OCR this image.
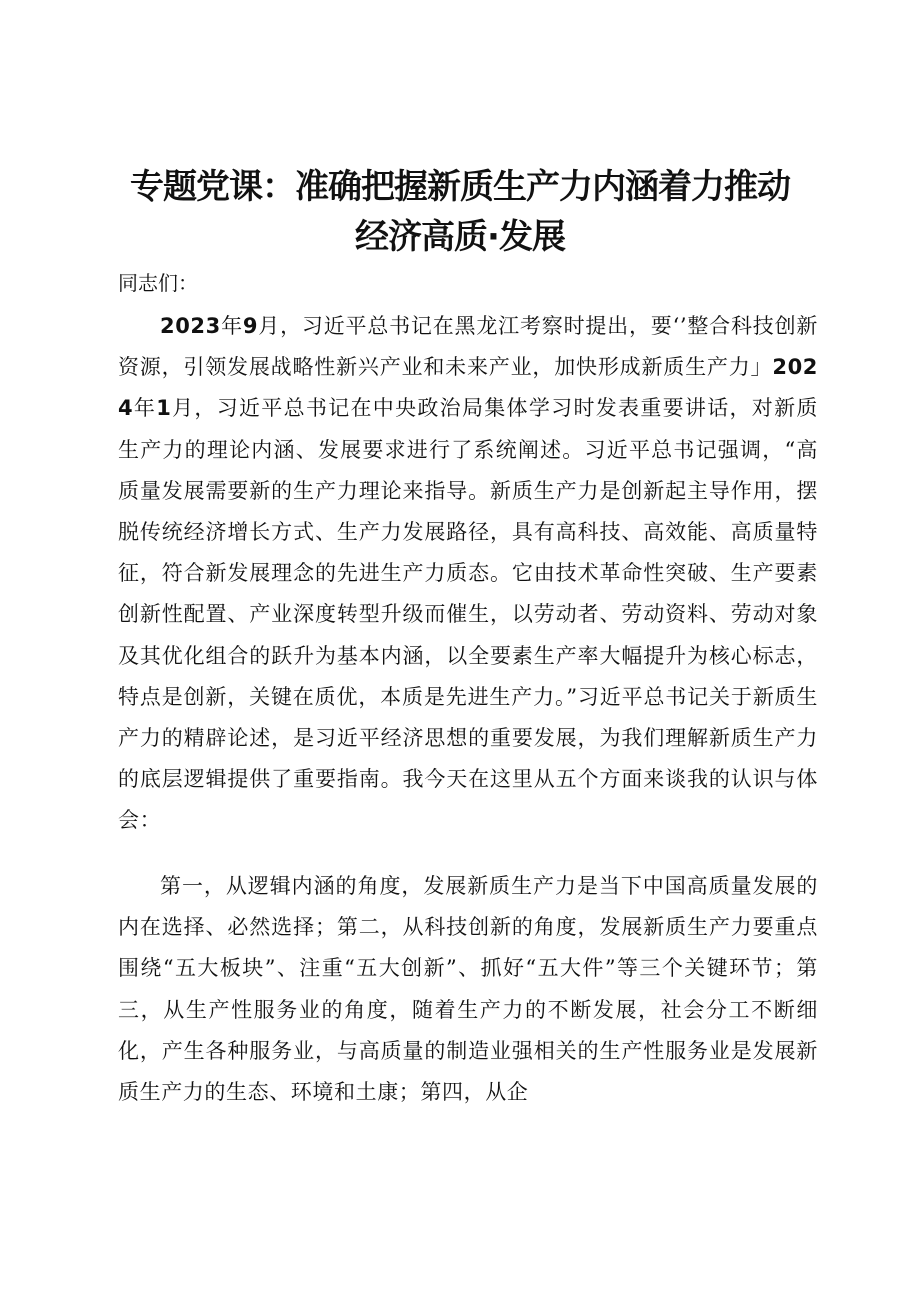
专题党课：准确把握新质生产力内涵着力推动
经济高质·发展

同志们：

2023年9月，习近平总书记在黑龙江考察时提出，要‘’整合科技创新资源，引领发展战略性新兴产业和未来产业，加快形成新质生产力」2024年1月，习近平总书记在中央政治局集体学习时发表重要讲话，对新质生产力的理论内涵、发展要求进行了系统阐述。习近平总书记强调，“高质量发展需要新的生产力理论来指导。新质生产力是创新起主导作用，摆脱传统经济增长方式、生产力发展路径，具有高科技、高效能、高质量特征，符合新发展理念的先进生产力质态。它由技术革命性突破、生产要素创新性配置、产业深度转型升级而催生，以劳动者、劳动资料、劳动对象及其优化组合的跃升为基本内涵，以全要素生产率大幅提升为核心标志，特点是创新，关键在质优，本质是先进生产力。”习近平总书记关于新质生产力的精辟论述，是习近平经济思想的重要发展，为我们理解新质生产力的底层逻辑提供了重要指南。我今天在这里从五个方面来谈我的认识与体会：

第一，从逻辑内涵的角度，发展新质生产力是当下中国高质量发展的内在选择、必然选择；第二，从科技创新的角度，发展新质生产力要重点围绕“五大板块”、注重“五大创新”、抓好“五大件”等三个关键环节；第三，从生产性服务业的角度，随着生产力的不断发展，社会分工不断细化，产生各种服务业，与高质量的制造业强相关的生产性服务业是发展新质生产力的生态、环境和土康；第四，从企
